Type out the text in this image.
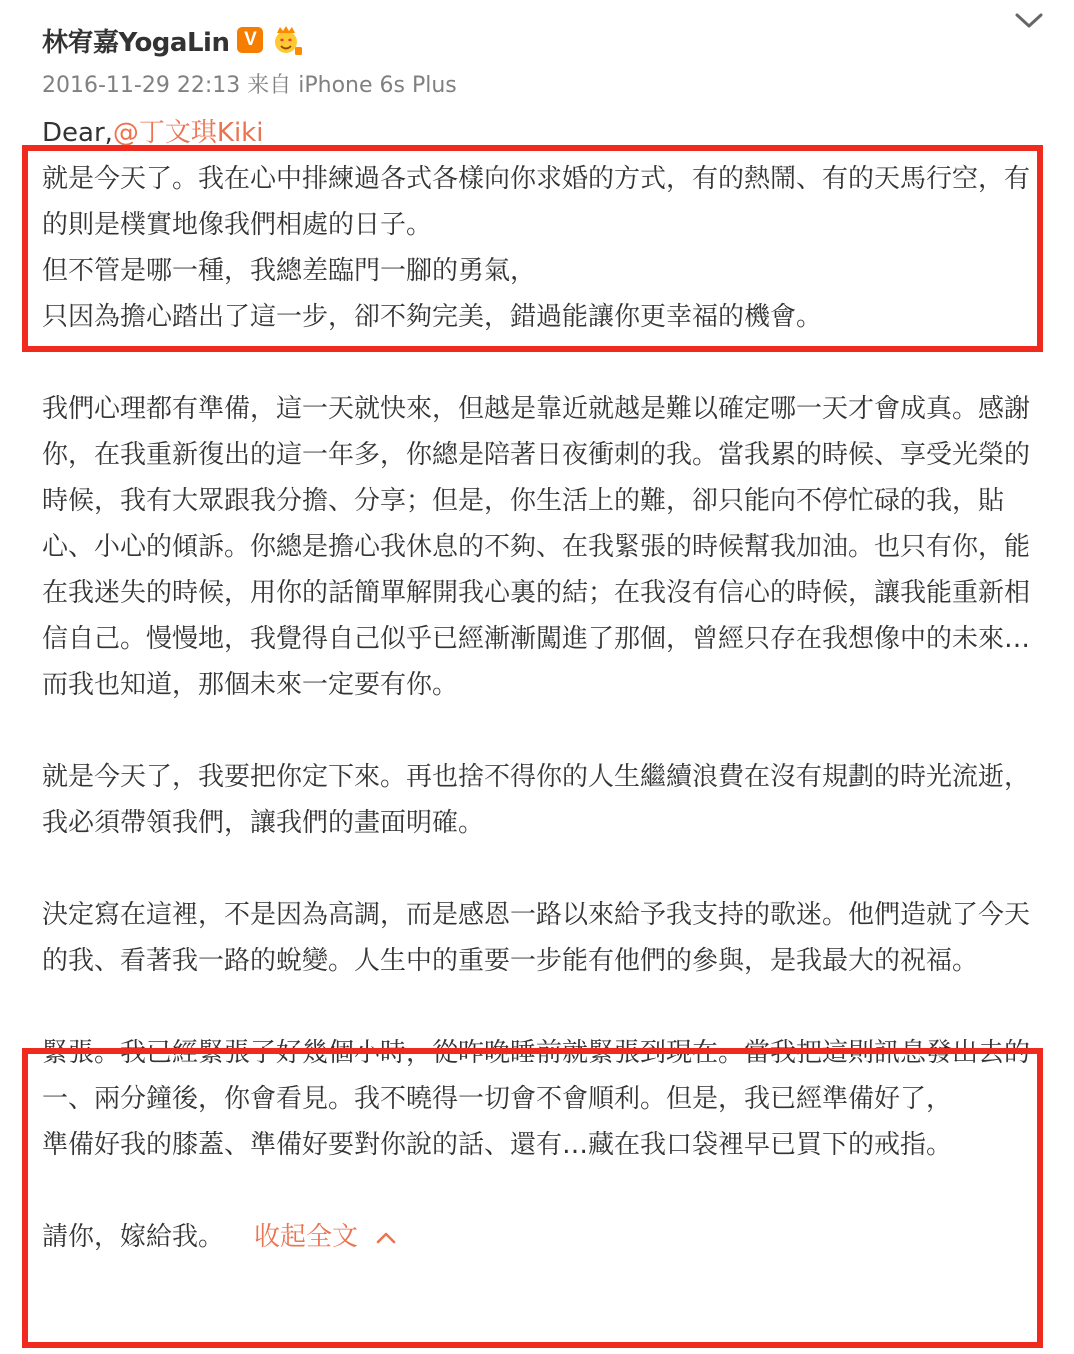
林宥嘉YogaLin V
2016-11-29 22:13 来自 iPhone 6s Plus
Dear,@丁文琪Kiki

就是今天了。我在心中排練過各式各樣向你求婚的方式，有的熱鬧、有的天馬行空，有的則是樸實地像我們相處的日子。

但不管是哪一種，我總差臨門一腳的勇氣，

只因為擔心踏出了這一步，卻不夠完美，錯過能讓你更幸福的機會。

我們心理都有準備，這一天就快來，但越是靠近就越是難以確定哪一天才會成真。感謝你，在我重新復出的這一年多，你總是陪著日夜衝刺的我。當我累的時候、享受光榮的時候，我有大眾跟我分擔、分享；但是，你生活上的難，卻只能向不停忙碌的我，貼心、小心的傾訴。你總是擔心我休息的不夠、在我緊張的時候幫我加油。也只有你，能在我迷失的時候，用你的話簡單解開我心裏的結；在我沒有信心的時候，讓我能重新相信自己。慢慢地，我覺得自己似乎已經漸漸闖進了那個，曾經只存在我想像中的未來…而我也知道，那個未來一定要有你。

就是今天了，我要把你定下來。再也捨不得你的人生繼續浪費在沒有規劃的時光流逝，我必須帶領我們，讓我們的畫面明確。

決定寫在這裡，不是因為高調，而是感恩一路以來給予我支持的歌迷。他們造就了今天的我、看著我一路的蛻變。人生中的重要一步能有他們的參與，是我最大的祝福。

緊張。我已經緊張了好幾個小時，從昨晚睡前就緊張到現在。當我把這則訊息發出去的一、兩分鐘後，你會看見。我不曉得一切會不會順利。但是，我已經準備好了，

準備好我的膝蓋、準備好要對你說的話、還有…藏在我口袋裡早已買下的戒指。

請你，嫁給我。 收起全文
